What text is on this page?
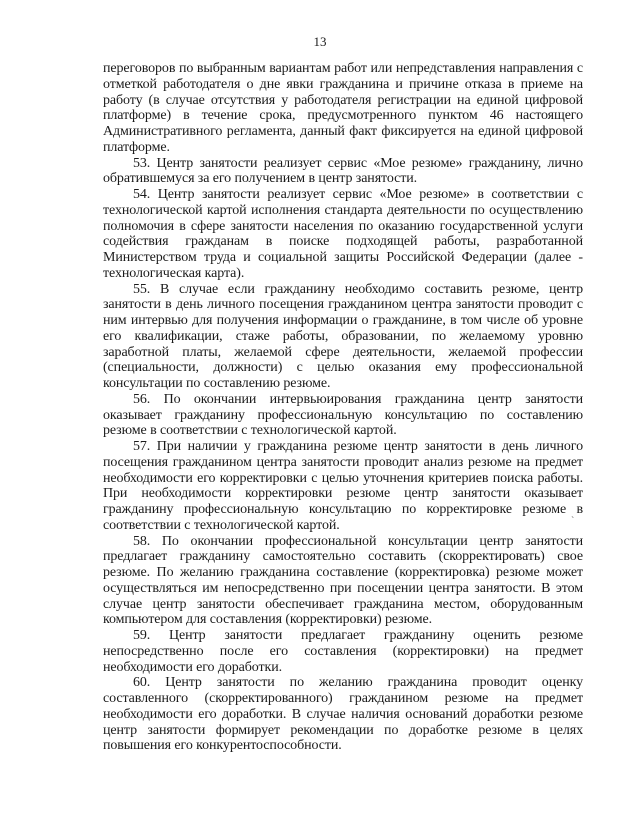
13

переговоров по выбранным вариантам работ или непредставления направления с отметкой работодателя о дне явки гражданина и причине отказа в приеме на работу (в случае отсутствия у работодателя регистрации на единой цифровой платформе) в течение срока, предусмотренного пунктом 46 настоящего Административного регламента, данный факт фиксируется на единой цифровой платформе.

53. Центр занятости реализует сервис «Мое резюме» гражданину, лично обратившемуся за его получением в центр занятости.

54. Центр занятости реализует сервис «Мое резюме» в соответствии с технологической картой исполнения стандарта деятельности по осуществлению полномочия в сфере занятости населения по оказанию государственной услуги содействия гражданам в поиске подходящей работы, разработанной Министерством труда и социальной защиты Российской Федерации (далее - технологическая карта).

55. В случае если гражданину необходимо составить резюме, центр занятости в день личного посещения гражданином центра занятости проводит с ним интервью для получения информации о гражданине, в том числе об уровне его квалификации, стаже работы, образовании, по желаемому уровню заработной платы, желаемой сфере деятельности, желаемой профессии (специальности, должности) с целью оказания ему профессиональной консультации по составлению резюме.

56. По окончании интервьюирования гражданина центр занятости оказывает гражданину профессиональную консультацию по составлению резюме в соответствии с технологической картой.

57. При наличии у гражданина резюме центр занятости в день личного посещения гражданином центра занятости проводит анализ резюме на предмет необходимости его корректировки с целью уточнения критериев поиска работы. При необходимости корректировки резюме центр занятости оказывает гражданину профессиональную консультацию по корректировке резюме в соответствии с технологической картой.

58. По окончании профессиональной консультации центр занятости предлагает гражданину самостоятельно составить (скорректировать) свое резюме. По желанию гражданина составление (корректировка) резюме может осуществляться им непосредственно при посещении центра занятости. В этом случае центр занятости обеспечивает гражданина местом, оборудованным компьютером для составления (корректировки) резюме.

59. Центр занятости предлагает гражданину оценить резюме непосредственно после его составления (корректировки) на предмет необходимости его доработки.

60. Центр занятости по желанию гражданина проводит оценку составленного (скорректированного) гражданином резюме на предмет необходимости его доработки. В случае наличия оснований доработки резюме центр занятости формирует рекомендации по доработке резюме в целях повышения его конкурентоспособности.

ˋ
